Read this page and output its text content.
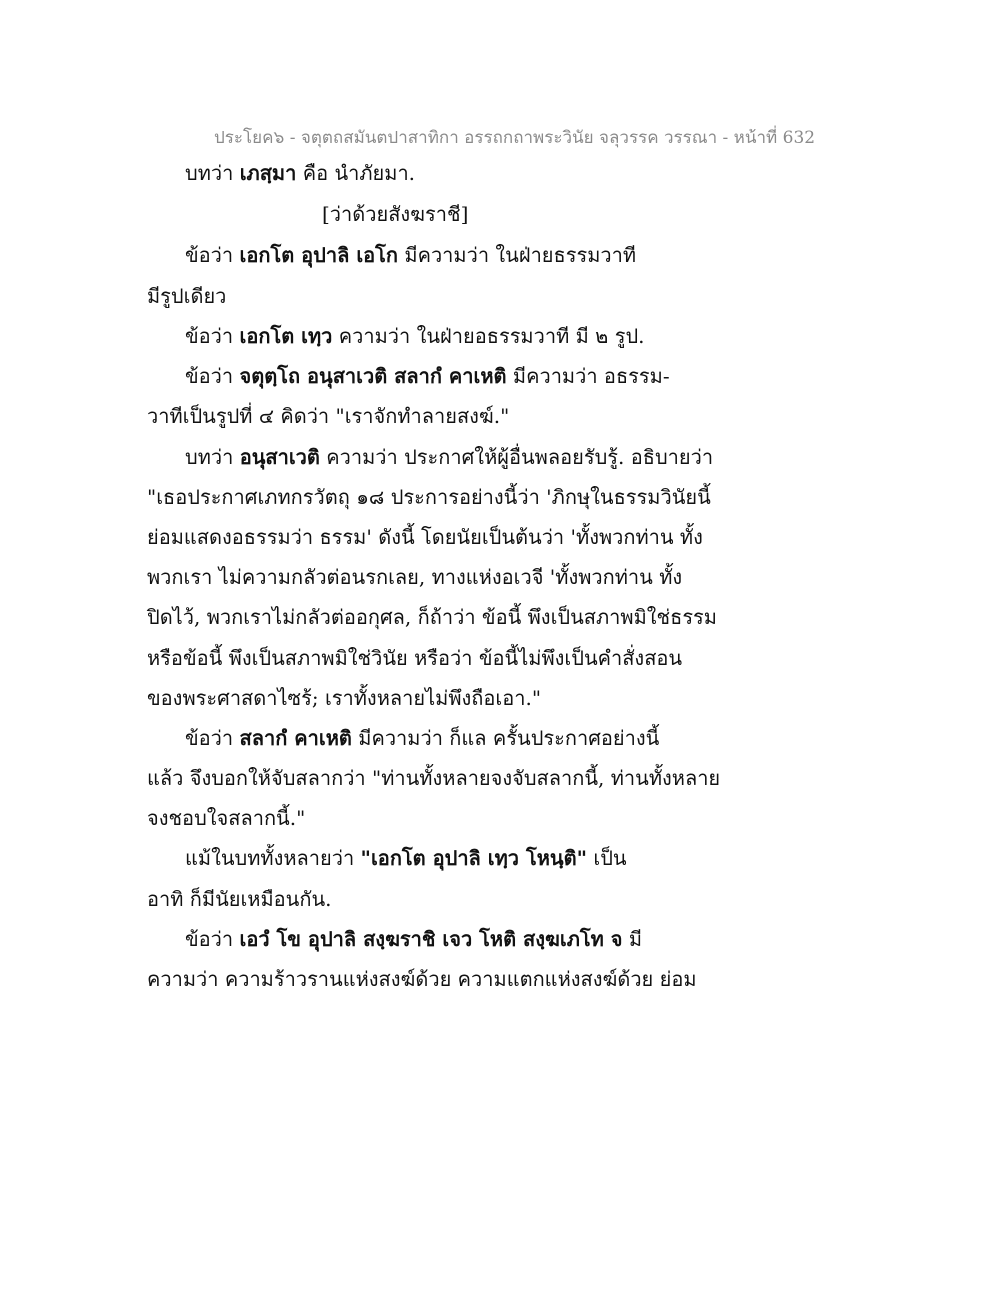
ประโยค๖ - จตุตถสมันตปาสาทิกา อรรถกถาพระวินัย จลุวรรค วรรณา - หน้าที่ 632
บทว่า เภสฺมา คือ นำภัยมา.
[ว่าด้วยสังฆราชี]
ข้อว่า เอกโต อุปาลิ เอโก มีความว่า ในฝ่ายธรรมวาที
มีรูปเดียว
ข้อว่า เอกโต เทฺว ความว่า ในฝ่ายอธรรมวาที มี ๒ รูป.
ข้อว่า จตุตฺโถ อนุสาเวติ สลากํ คาเหติ มีความว่า อธรรม-
วาทีเป็นรูปที่ ๔ คิดว่า "เราจักทำลายสงฆ์."
บทว่า อนุสาเวติ ความว่า ประกาศให้ผู้อื่นพลอยรับรู้. อธิบายว่า
"เธอประกาศเภทกรวัตถุ ๑๘ ประการอย่างนี้ว่า 'ภิกษุในธรรมวินัยนี้
ย่อมแสดงอธรรมว่า ธรรม' ดังนี้ โดยนัยเป็นต้นว่า 'ทั้งพวกท่าน ทั้ง
พวกเรา ไม่ความกลัวต่อนรกเลย, ทางแห่งอเวจี 'ทั้งพวกท่าน ทั้ง
ปิดไว้, พวกเราไม่กลัวต่ออกุศล, ก็ถ้าว่า ข้อนี้ พึงเป็นสภาพมิใช่ธรรม
หรือข้อนี้ พึงเป็นสภาพมิใช่วินัย หรือว่า ข้อนี้ไม่พึงเป็นคำสั่งสอน
ของพระศาสดาไซร้; เราทั้งหลายไม่พึงถือเอา."
ข้อว่า สลากํ คาเหติ มีความว่า ก็แล ครั้นประกาศอย่างนี้
แล้ว จึงบอกให้จับสลากว่า "ท่านทั้งหลายจงจับสลากนี้, ท่านทั้งหลาย
จงชอบใจสลากนี้."
แม้ในบททั้งหลายว่า "เอกโต อุปาลิ เทฺว โหนฺติ" เป็น
อาทิ ก็มีนัยเหมือนกัน.
ข้อว่า เอวํ โข อุปาลิ สงฺฆราชิ เจว โหติ สงฺฆเภโท จ มี
ความว่า ความร้าวรานแห่งสงฆ์ด้วย ความแตกแห่งสงฆ์ด้วย ย่อม
